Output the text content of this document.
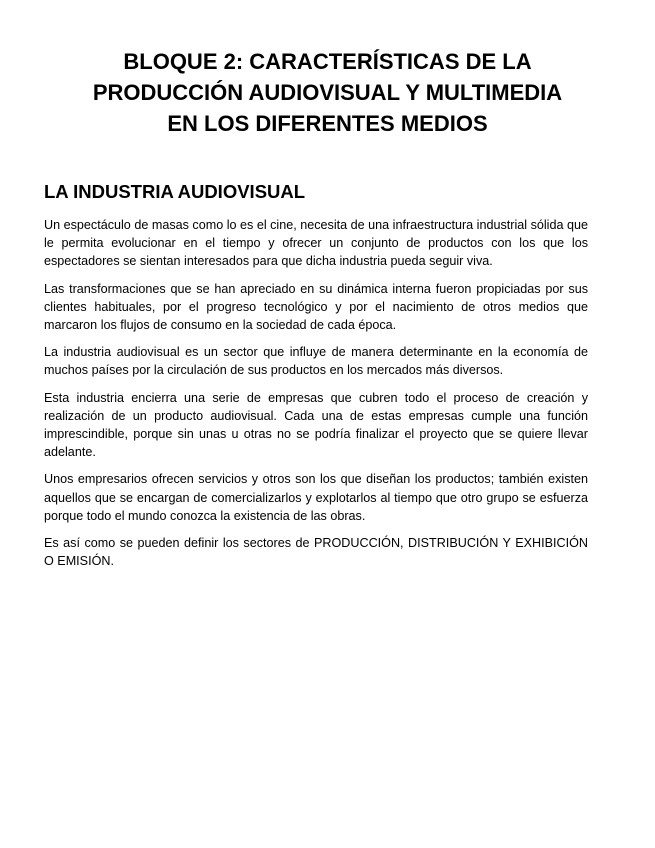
BLOQUE 2: CARACTERÍSTICAS DE LA
PRODUCCIÓN AUDIOVISUAL Y MULTIMEDIA
EN LOS DIFERENTES MEDIOS
LA INDUSTRIA AUDIOVISUAL

Un espectáculo de masas como lo es el cine, necesita de una infraestructura industrial sólida que le permita evolucionar en el tiempo y ofrecer un conjunto de productos con los que los espectadores se sientan interesados para que dicha industria pueda seguir viva.

Las transformaciones que se han apreciado en su dinámica interna fueron propiciadas por sus clientes habituales, por el progreso tecnológico y por el nacimiento de otros medios que marcaron los flujos de consumo en la sociedad de cada época.

La industria audiovisual es un sector que influye de manera determinante en la economía de muchos países por la circulación de sus productos en los mercados más diversos.

Esta industria encierra una serie de empresas que cubren todo el proceso de creación y realización de un producto audiovisual. Cada una de estas empresas cumple una función imprescindible, porque sin unas u otras no se podría finalizar el proyecto que se quiere llevar adelante.

Unos empresarios ofrecen servicios y otros son los que diseñan los productos; también existen aquellos que se encargan de comercializarlos y explotarlos al tiempo que otro grupo se esfuerza porque todo el mundo conozca la existencia de las obras.

Es así como se pueden definir los sectores de PRODUCCIÓN, DISTRIBUCIÓN Y EXHIBICIÓN O EMISIÓN.
